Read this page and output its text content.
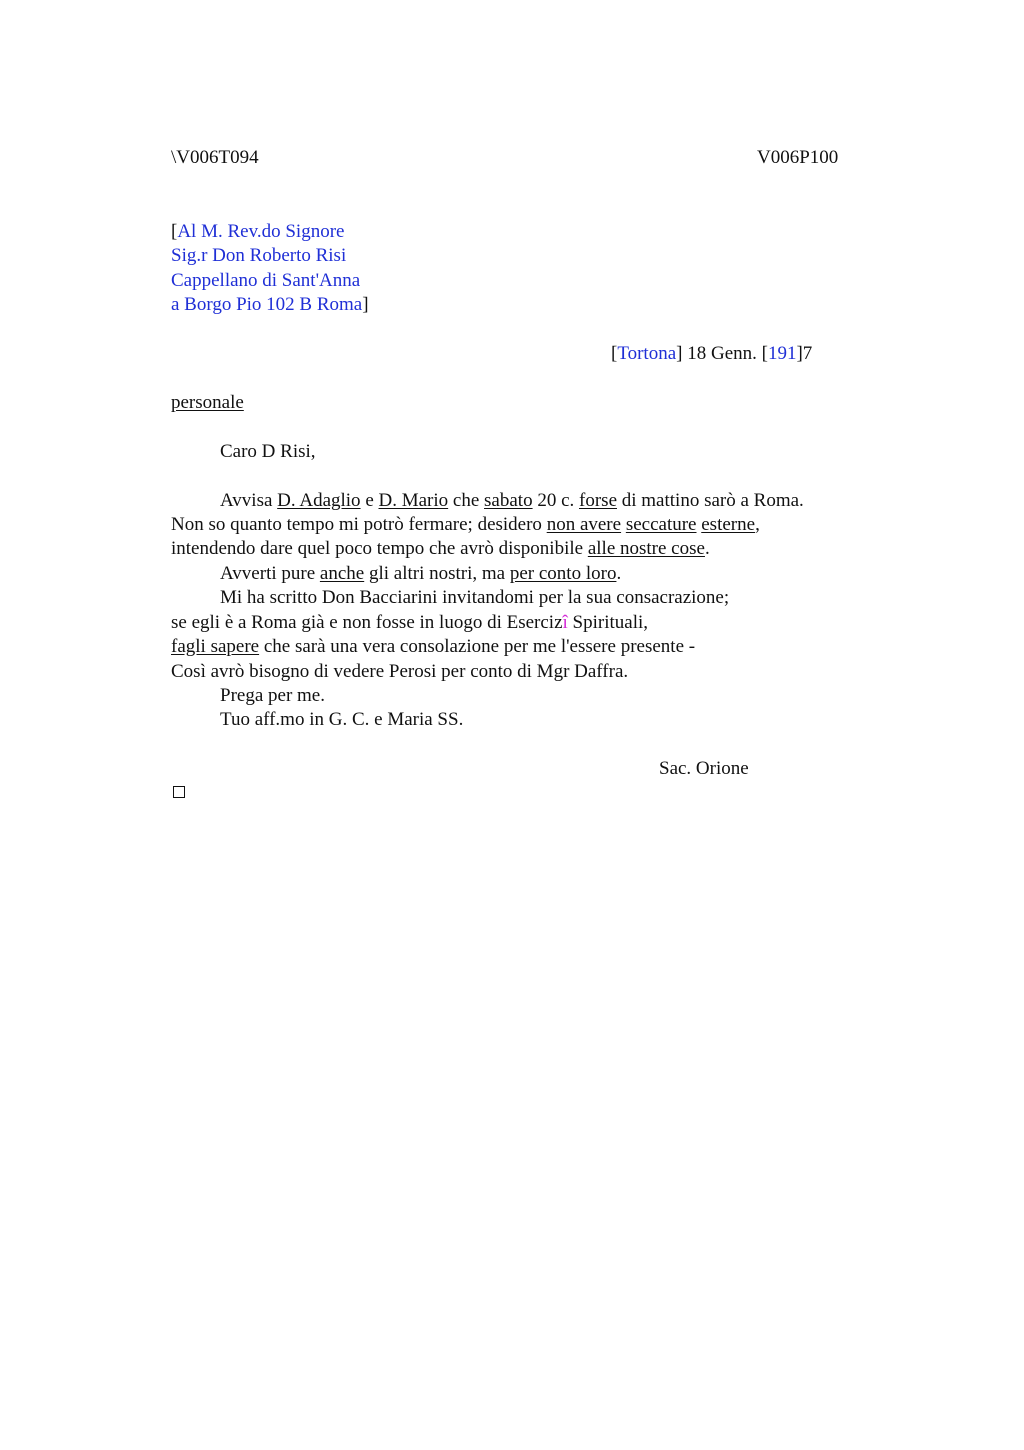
\V006T094	V006P100
[Al M. Rev.do Signore
Sig.r Don Roberto Risi
Cappellano di Sant'Anna
a Borgo Pio 102 B Roma]
[Tortona] 18 Genn. [191]7
personale
Caro D Risi,
Avvisa D. Adaglio e D. Mario che sabato 20 c. forse di mattino sarò a Roma.
Non so quanto tempo mi potrò fermare; desidero non avere seccature esterne,
intendendo dare quel poco tempo che avrò disponibile alle nostre cose.
Avverti pure anche gli altri nostri, ma per conto loro.
Mi ha scritto Don Bacciarini invitandomi per la sua consacrazione;
se egli è a Roma già e non fosse in luogo di Esercizî Spirituali,
fagli sapere che sarà una vera consolazione per me l'essere presente -
Così avrò bisogno di vedere Perosi per conto di Mgr Daffra.
Prega per me.
Tuo aff.mo in G. C. e Maria SS.
Sac. Orione
